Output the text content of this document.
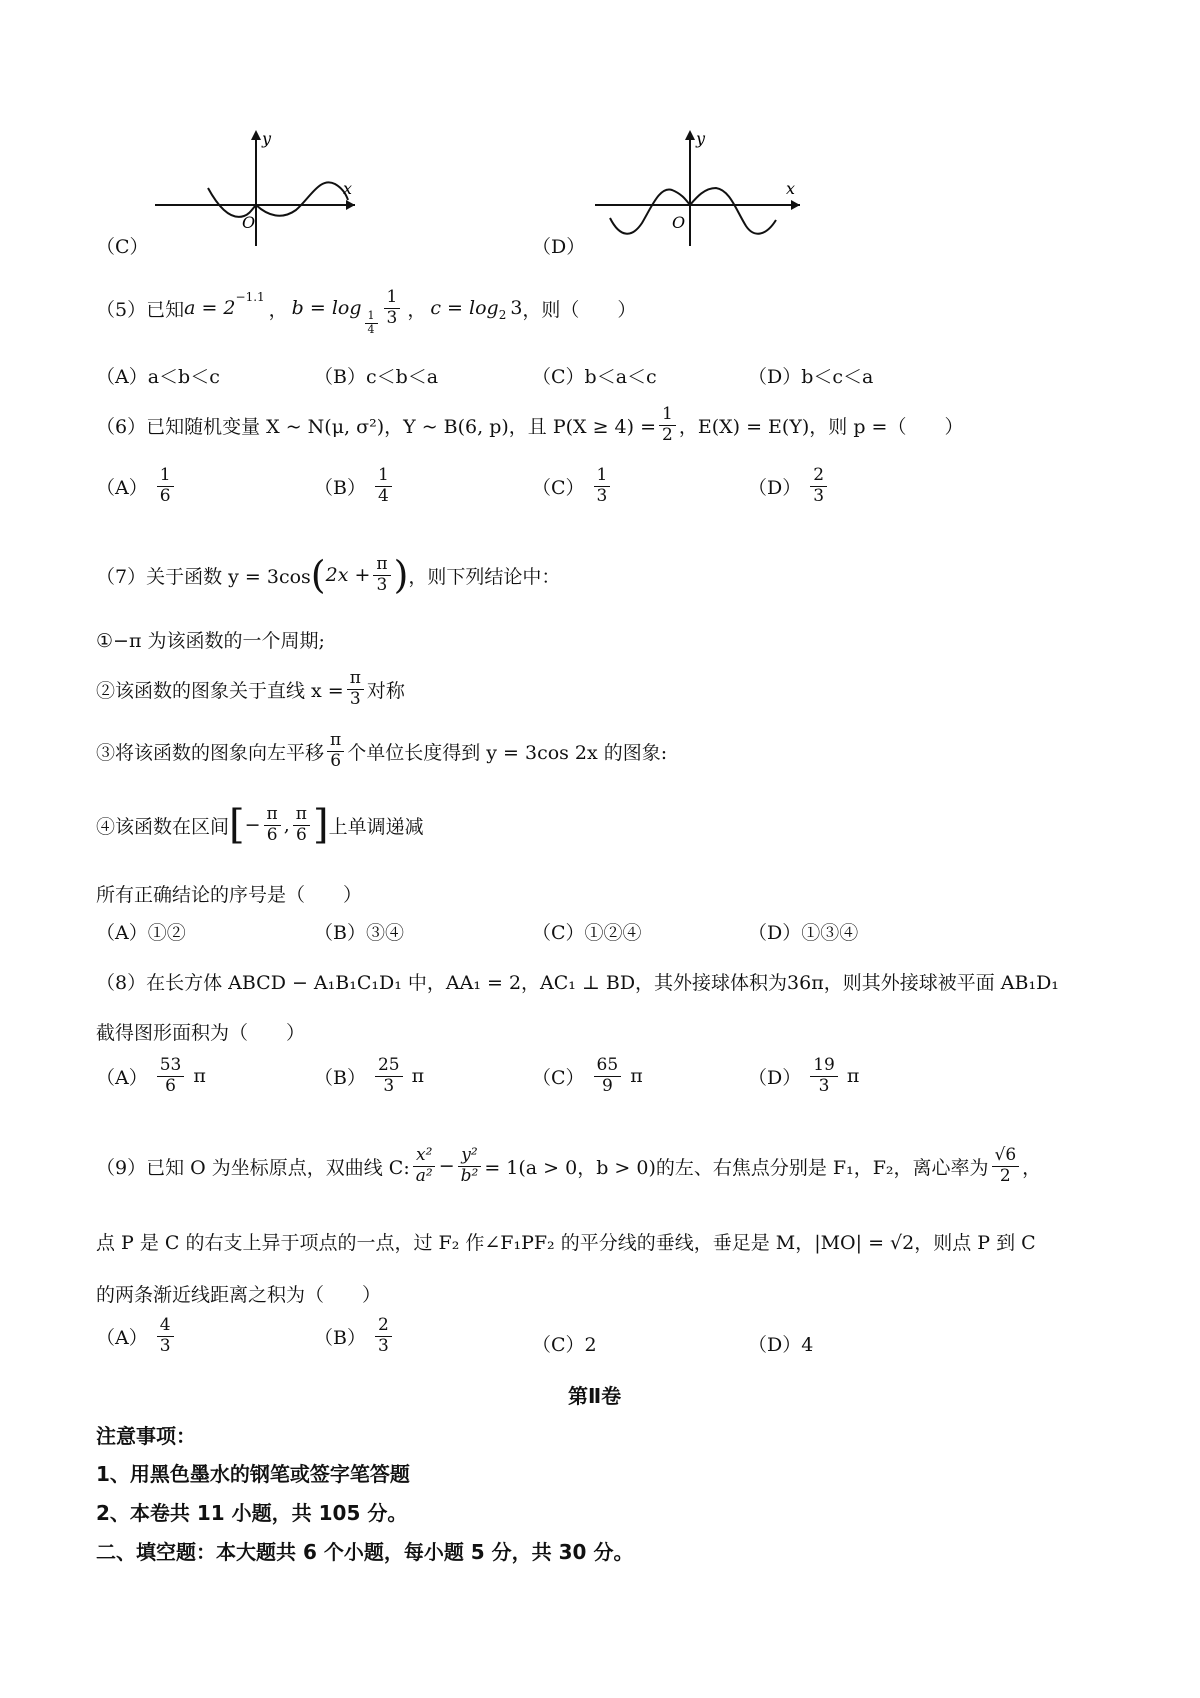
（C）
x
y
O
（D）
x
y
O
（5）已知 $a = 2^{-1.1}$
， b = log
$\frac{1}{4} \frac{1}{3}$ ， $c = \log_2 3$ ，则（　　）
（A）a＜b＜c	（B）c＜b＜a	（C）b＜a＜c	（D）b＜c＜a
（6）已知随机变量 X ~ N(μ, σ²)，Y ~ B(6, p)，且 $P(X \ge 4) = \frac{1}{2}$ ，E(X) = E(Y)，则 p =（　　）
$(A) \frac{1}{6}$	$(B) \frac{1}{4}$	$(C) \frac{1}{3}$	$(D) \frac{2}{3}$
（7）关于函数 y = 3cos ( $2x + \frac{\pi}{3}$ ) ，则下列结论中：
①−π 为该函数的一个周期;
②该函数的图象关于直线 $x = \frac{\pi}{3}$ 对称
③将该函数的图象向左平移 $\frac{\pi}{6}$ 个单位长度得到 y = 3cos 2x 的图象:
④该函数在区间 [ − $\frac{\pi}{6}$ , $\frac{\pi}{6}$ ] 上单调递减
所有正确结论的序号是（　　）
（A）①②	（B）③④	（C）①②④	（D）①③④
（8）在长方体 ABCD − A₁B₁C₁D₁ 中，AA₁ = 2，AC₁ ⊥ BD，其外接球体积为36π，则其外接球被平面 AB₁D₁
截得图形面积为（　　）
$(A) \frac{53}{6}$ π	$(B) \frac{25}{3}$ π	$(C) \frac{65}{9}$ π	$(D) \frac{19}{3}$ π
（9）已知 O 为坐标原点，双曲线 C: $\frac{\text{x²}}{\text{a²}} - \frac{\text{y²}}{\text{b²}} = 1(a > 0$，b > 0)的左、右焦点分别是 F₁，F₂，离心率为 $\frac{√6}{2}$ ，
点 P 是 C 的右支上异于项点的一点，过 F₂ 作∠F₁PF₂ 的平分线的垂线，垂足是 M，|MO| = √2，则点 P 到 C
的两条渐近线距离之积为（　　）
$(A) \frac{4}{3}$	$(B) \frac{2}{3}$	（C）2	（D）4
第Ⅱ卷
注意事项：
1、用黑色墨水的钢笔或签字笔答题
2、本卷共 11 小题，共 105 分。
二、填空题：本大题共 6 个小题，每小题 5 分，共 30 分。
